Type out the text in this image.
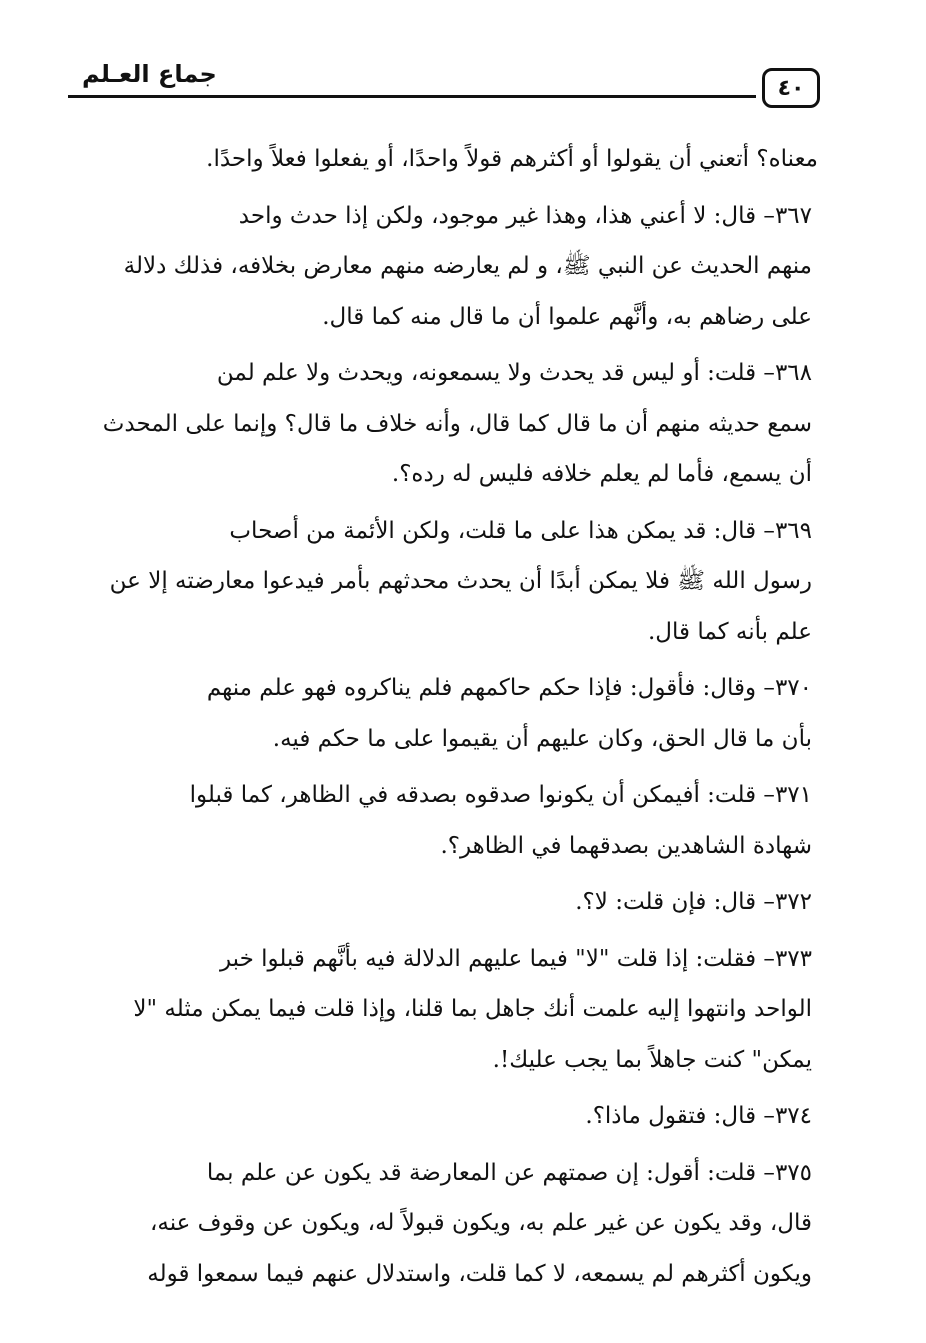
جماع العـلم	٤٠
معناه؟ أتعني أن يقولوا أو أكثرهم قولاً واحدًا، أو يفعلوا فعلاً واحدًا.
٣٦٧– قال: لا أعني هذا، وهذا غير موجود، ولكن إذا حدث واحد
منهم الحديث عن النبي ﷺ، و لم يعارضه منهم معارض بخلافه، فذلك دلالة
على رضاهم به، وأنَّهم علموا أن ما قال منه كما قال.
٣٦٨– قلت: أو ليس قد يحدث ولا يسمعونه، ويحدث ولا علم لمن
سمع حديثه منهم أن ما قال كما قال، وأنه خلاف ما قال؟ وإنما على المحدث
أن يسمع، فأما لم يعلم خلافه فليس له رده؟.
٣٦٩– قال: قد يمكن هذا على ما قلت، ولكن الأئمة من أصحاب
رسول الله ﷺ فلا يمكن أبدًا أن يحدث محدثهم بأمر فيدعوا معارضته إلا عن
علم بأنه كما قال.
٣٧٠– وقال: فأقول: فإذا حكم حاكمهم فلم يناكروه فهو علم منهم
بأن ما قال الحق، وكان عليهم أن يقيموا على ما حكم فيه.
٣٧١– قلت: أفيمكن أن يكونوا صدقوه بصدقه في الظاهر، كما قبلوا
شهادة الشاهدين بصدقهما في الظاهر؟.
٣٧٢– قال: فإن قلت: لا؟.
٣٧٣– فقلت: إذا قلت "لا" فيما عليهم الدلالة فيه بأنَّهم قبلوا خبر
الواحد وانتهوا إليه علمت أنك جاهل بما قلنا، وإذا قلت فيما يمكن مثله "لا
يمكن" كنت جاهلاً بما يجب عليك!.
٣٧٤– قال: فتقول ماذا؟.
٣٧٥– قلت: أقول: إن صمتهم عن المعارضة قد يكون عن علم بما
قال، وقد يكون عن غير علم به، ويكون قبولاً له، ويكون عن وقوف عنه،
ويكون أكثرهم لم يسمعه، لا كما قلت، واستدلال عنهم فيما سمعوا قوله
